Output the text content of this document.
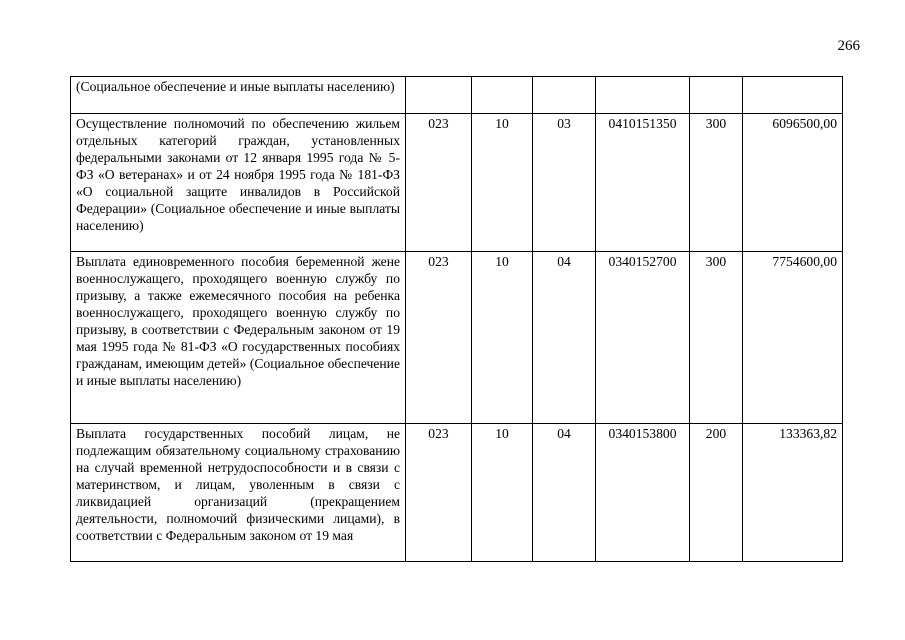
266
(Социальное обеспечение и иные выплаты населению)						
Осуществление полномочий по обеспечению жильем отдельных категорий граждан, установленных федеральными законами от 12 января 1995 года № 5-ФЗ «О ветеранах» и от 24 ноября 1995 года № 181-ФЗ «О социальной защите инвалидов в Российской Федерации» (Социальное обеспечение и иные выплаты населению)	023	10	03	0410151350	300	6096500,00
Выплата единовременного пособия беременной жене военнослужащего, проходящего военную службу по призыву, а также ежемесячного пособия на ребенка военнослужащего, проходящего военную службу по призыву, в соответствии с Федеральным законом от 19 мая 1995 года № 81-ФЗ «О государственных пособиях гражданам, имеющим детей» (Социальное обеспечение и иные выплаты населению)	023	10	04	0340152700	300	7754600,00
Выплата государственных пособий лицам, не подлежащим обязательному социальному страхованию на случай временной нетрудоспособности и в связи с материнством, и лицам, уволенным в связи с ликвидацией организаций (прекращением деятельности, полномочий физическими лицами), в соответствии с Федеральным законом от 19 мая	023	10	04	0340153800	200	133363,82
